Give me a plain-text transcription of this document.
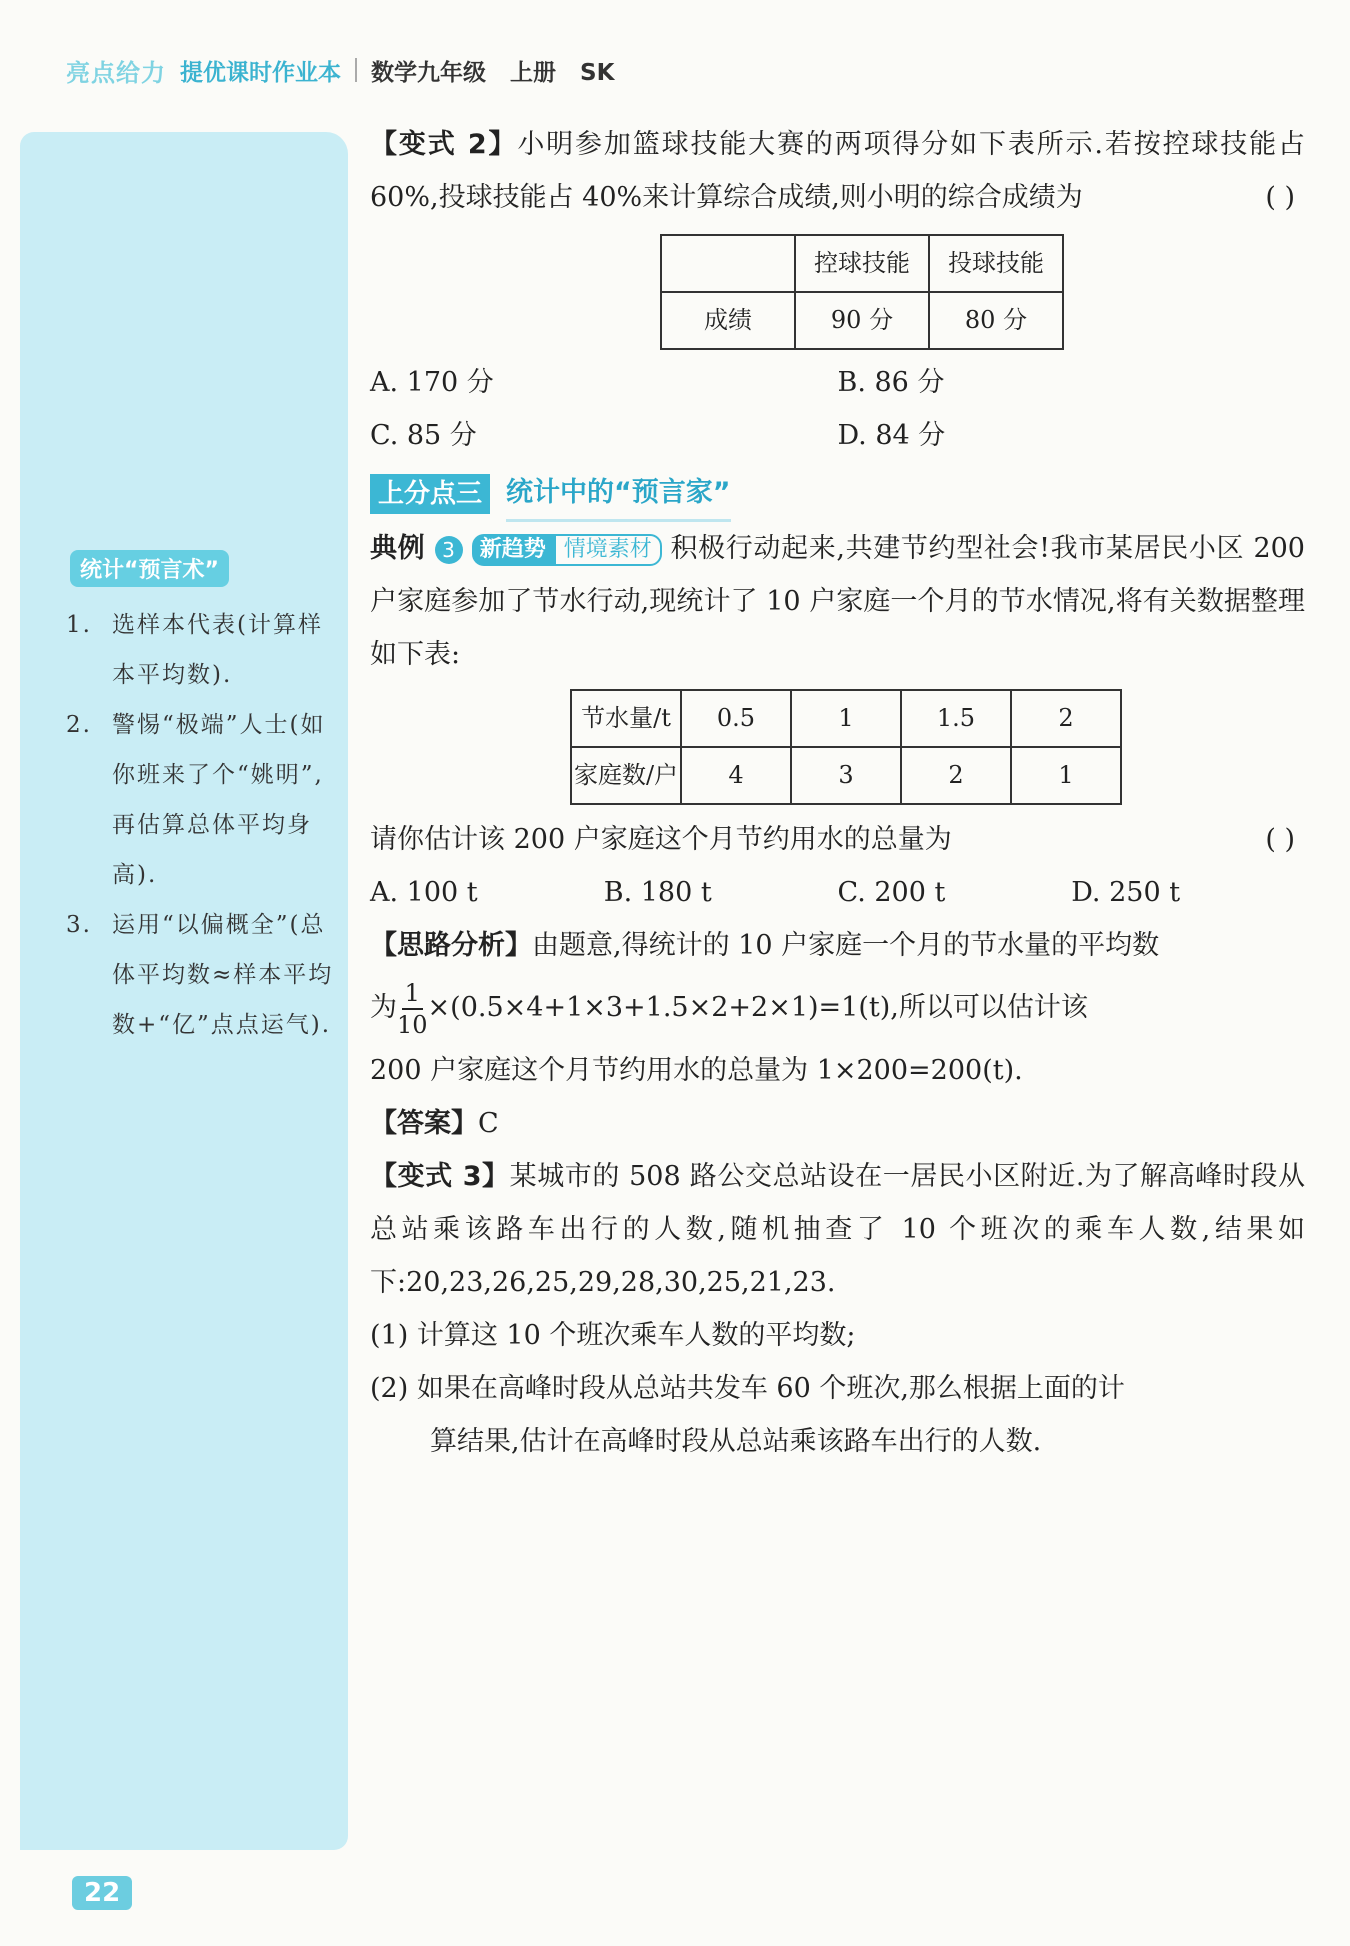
亮点给力 提优课时作业本 数学九年级 上册 SK
统计“预言术”
1. 选样本代表(计算样本平均数).
2. 警惕“极端”人士(如你班来了个“姚明”,再估算总体平均身高).
3. 运用“以偏概全”(总体平均数≈样本平均数+“亿”点点运气).

【变式 2】小明参加篮球技能大赛的两项得分如下表所示.若按控球技能占 60%,投球技能占 40%来计算综合成绩,则小明的综合成绩为	( )

	控球技能	投球技能
成绩	90 分	80 分
A. 170 分	B. 86 分
C. 85 分	D. 84 分
上分点三 统计中的“预言家”

典例 3 新趋势 情境素材 积极行动起来,共建节约型社会!我市某居民小区 200 户家庭参加了节水行动,现统计了 10 户家庭一个月的节水情况,将有关数据整理如下表:

节水量/t	0.5	1	1.5	2
家庭数/户	4	3	2	1

请你估计该 200 户家庭这个月节约用水的总量为	( )

A. 100 t	B. 180 t	C. 200 t	D. 250 t

【思路分析】由题意,得统计的 10 户家庭一个月的节水量的平均数

为 $\frac{1}{10} \times(0.5\times 4+1\times 3+1.5\times 2+2\times 1)=1(t)$,所以可以估计该

200 户家庭这个月节约用水的总量为 1×200=200(t).

【答案】C

【变式 3】某城市的 508 路公交总站设在一居民小区附近.为了解高峰时段从总站乘该路车出行的人数,随机抽查了 10 个班次的乘车人数,结果如下:20,23,26,25,29,28,30,25,21,23.

(1) 计算这 10 个班次乘车人数的平均数;

(2) 如果在高峰时段从总站共发车 60 个班次,那么根据上面的计

算结果,估计在高峰时段从总站乘该路车出行的人数.

22
